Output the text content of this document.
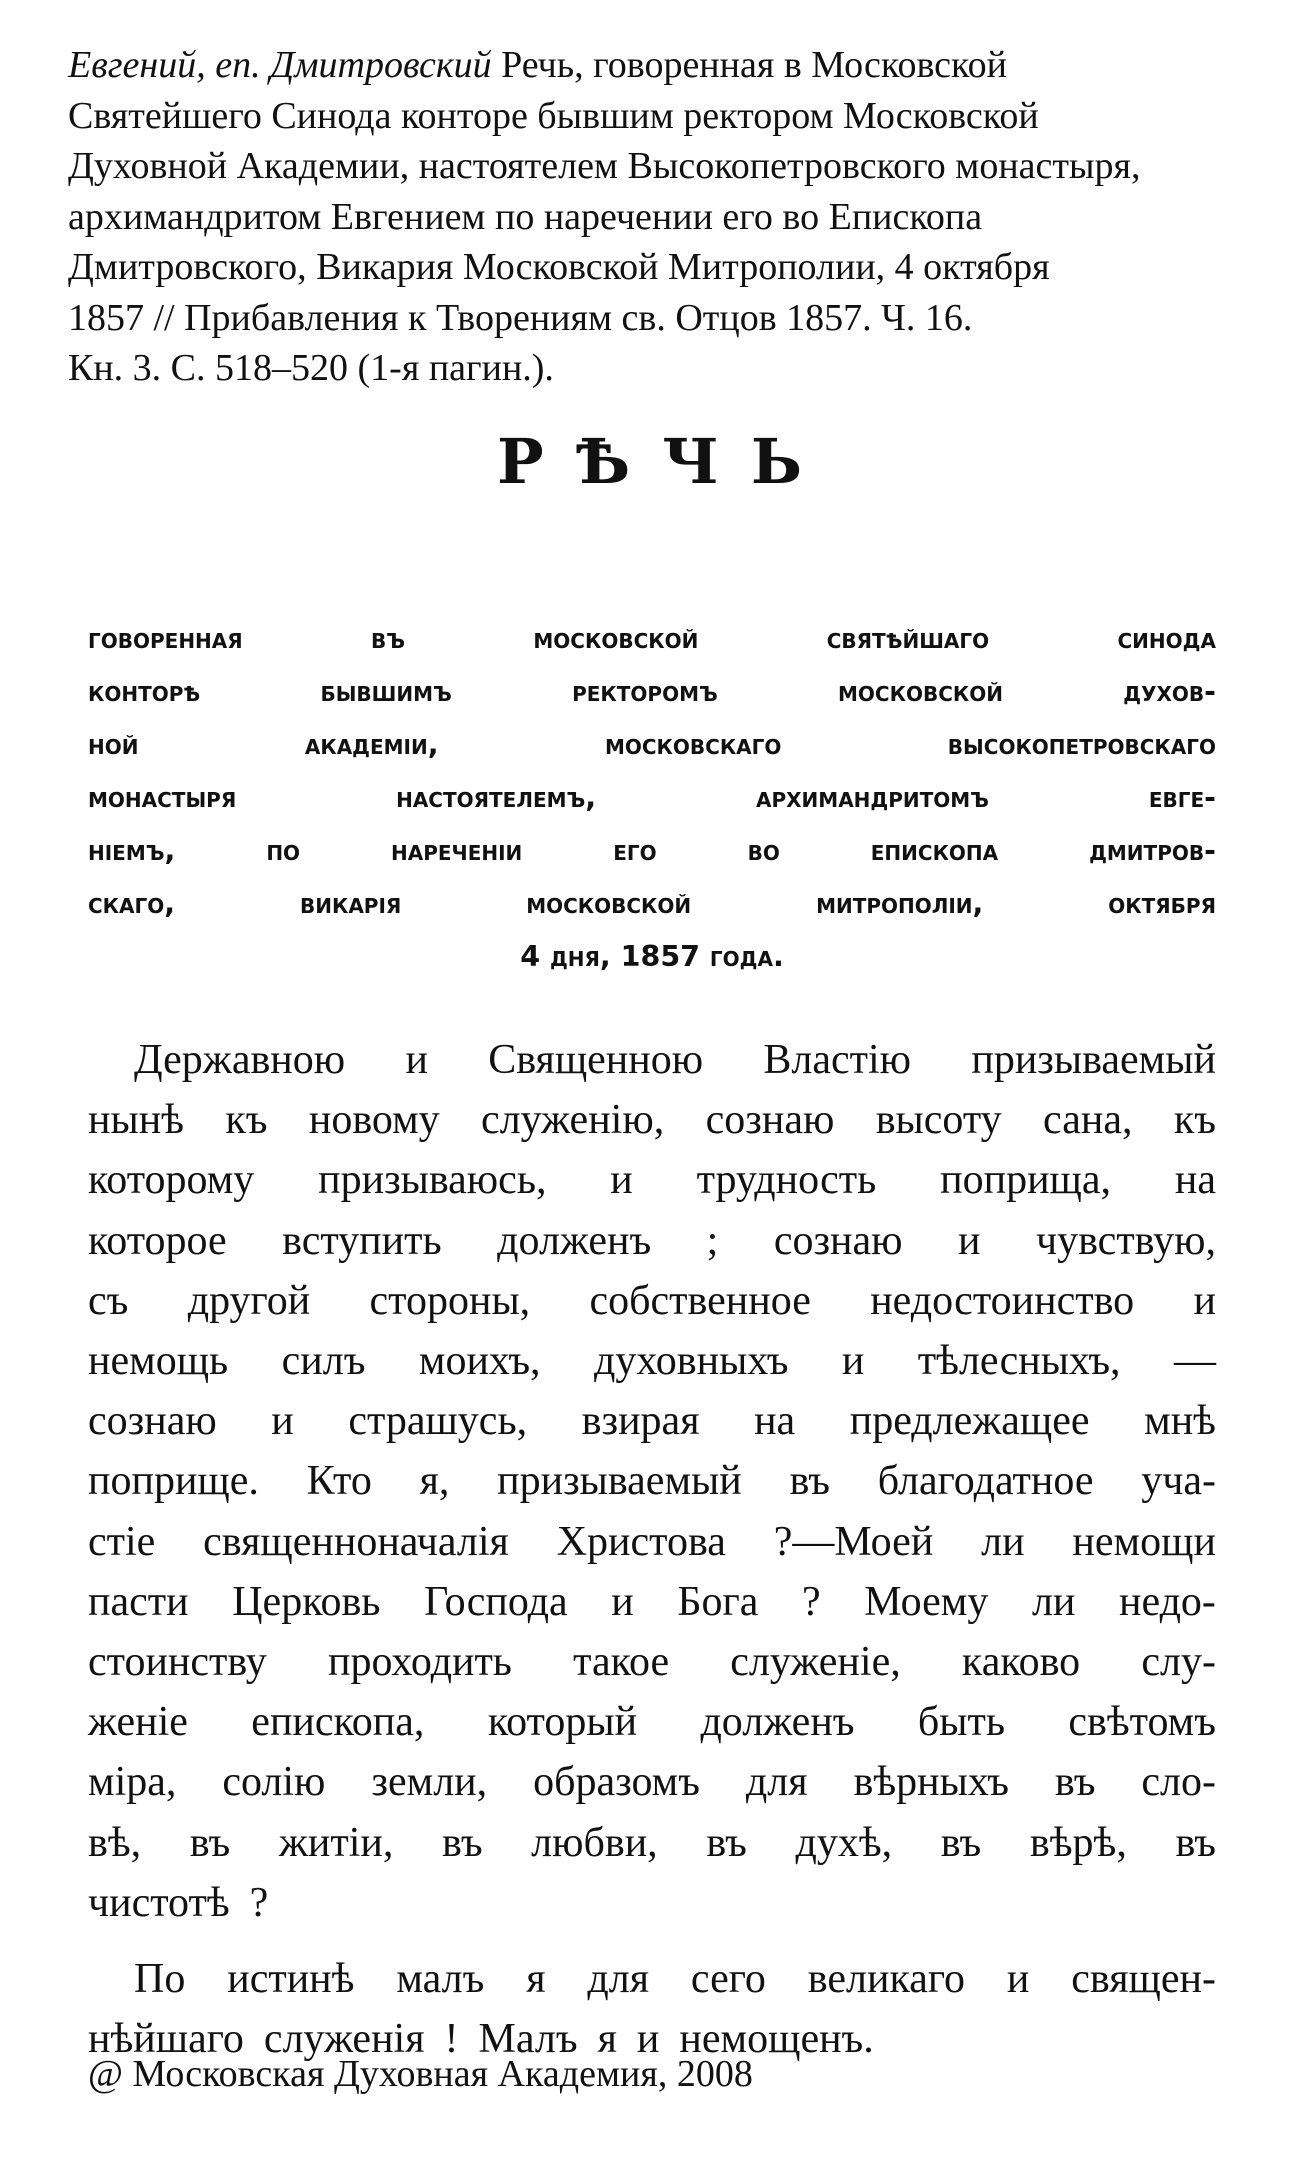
Евгений, еп. Дмитровский Речь, говоренная в Московской
Святейшего Синода конторе бывшим ректором Московской
Духовной Академии, настоятелем Высокопетровского монастыря,
архимандритом Евгением по наречении его во Епископа
Дмитровского, Викария Московской Митрополии, 4 октября
1857 // Прибавления к Творениям св. Отцов 1857. Ч. 16.
Кн. 3. С. 518–520 (1-я пагин.).
РѢЧЬ
говоренная	въ	московской	святѣйшаго	синода
конторѣ	бывшимъ	ректоромъ	московской	духов-
ной	академіи,	московскаго	высокопетровскаго
монастыря	настоятелемъ,	архимандритомъ	евге-
ніемъ,	по	нареченіи	его	во	епископа	дмитров-
скаго,	викарія	московской	митрополіи,	октября
4 дня, 1857 года.
Державною и Священною Властію призываемый
нынѣ къ новому служенію, сознаю высоту сана, къ
которому призываюсь, и трудность поприща, на
которое вступить долженъ ; сознаю и чувствую,
съ другой стороны, собственное недостоинство и
немощь силъ моихъ, духовныхъ и тѣлесныхъ, —
сознаю и страшусь, взирая на предлежащее мнѣ
поприще. Кто я, призываемый въ благодатное уча-
стіе священноначалія Христова ?—Моей ли немощи
пасти Церковь Господа и Бога ? Моему ли недо-
стоинству проходить такое служеніе, каково слу-
женіе епископа, который долженъ быть свѣтомъ
міра, солію земли, образомъ для вѣрныхъ въ сло-
вѣ, въ житіи, въ любви, въ духѣ, въ вѣрѣ, въ
чистотѣ ?
По истинѣ малъ я для сего великаго и священ-
нѣйшаго служенія ! Малъ я и немощенъ.
@ Московская Духовная Академия, 2008
